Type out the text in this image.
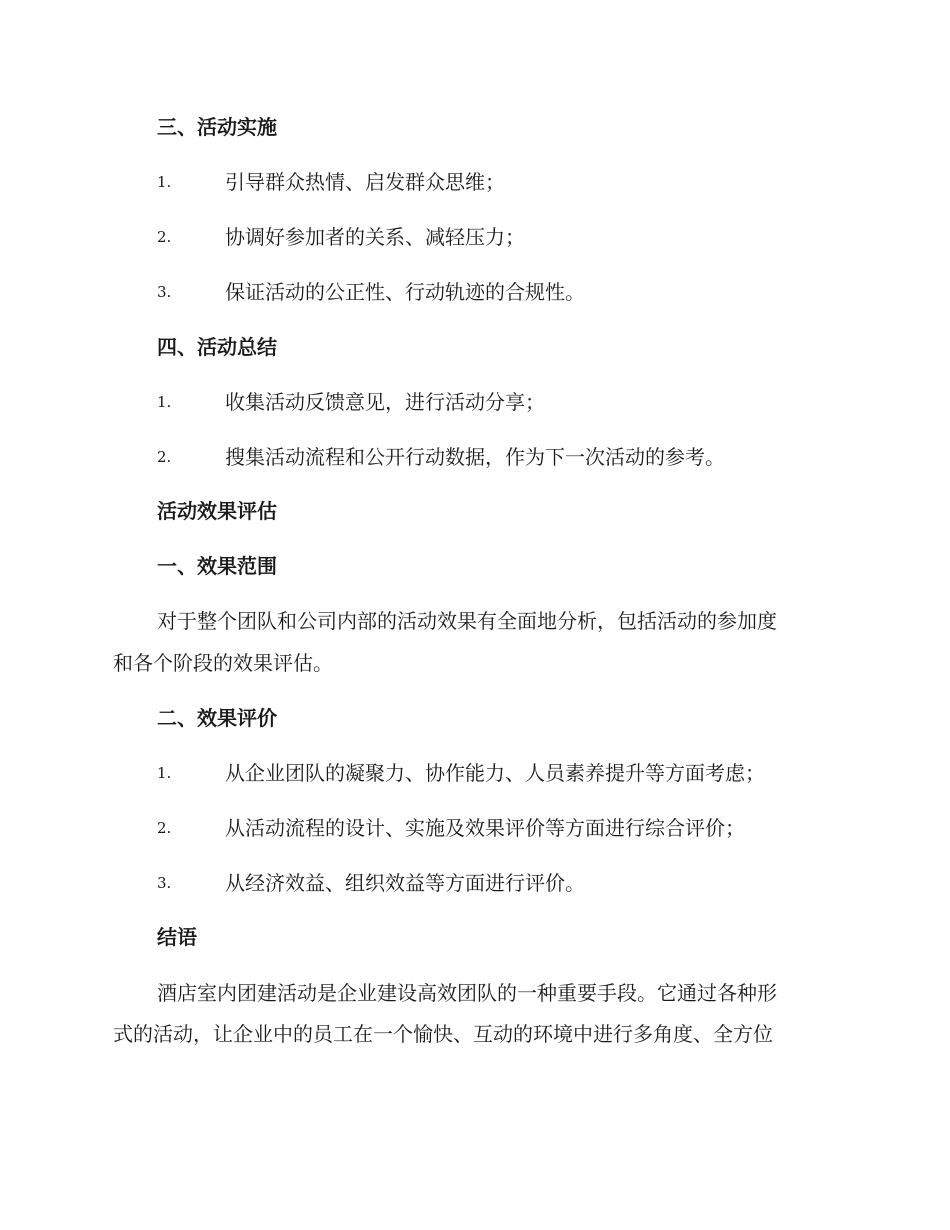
三、活动实施
1.	引导群众热情、启发群众思维；
2.	协调好参加者的关系、减轻压力；
3.	保证活动的公正性、行动轨迹的合规性。
四、活动总结
1.	收集活动反馈意见，进行活动分享；
2.	搜集活动流程和公开行动数据，作为下一次活动的参考。
活动效果评估
一、效果范围
对于整个团队和公司内部的活动效果有全面地分析，包括活动的参加度
和各个阶段的效果评估。
二、效果评价
1.	从企业团队的凝聚力、协作能力、人员素养提升等方面考虑；
2.	从活动流程的设计、实施及效果评价等方面进行综合评价；
3.	从经济效益、组织效益等方面进行评价。
结语
酒店室内团建活动是企业建设高效团队的一种重要手段。它通过各种形
式的活动，让企业中的员工在一个愉快、互动的环境中进行多角度、全方位
